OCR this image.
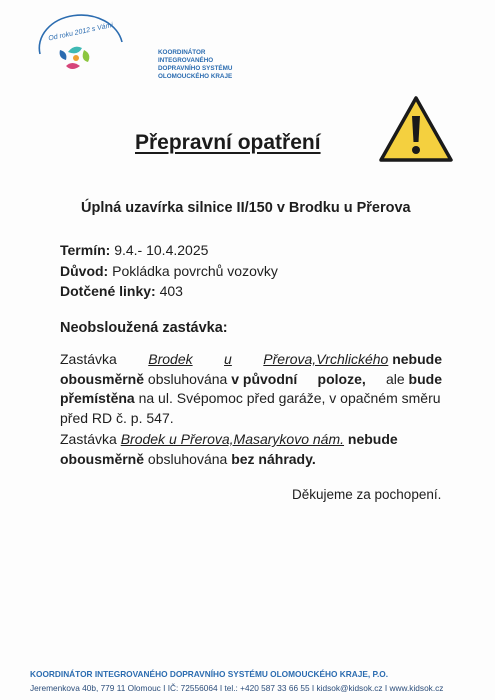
Od roku 2012 s Vámi
KOORDINÁTOR
INTEGROVANÉHO
DOPRAVNÍHO SYSTÉMU
OLOMOUCKÉHO KRAJE
Přepravní opatření
Úplná uzavírka silnice II/150 v Brodku u Přerova
Termín: 9.4.- 10.4.2025
Důvod: Pokládka povrchů vozovky
Dotčené linky: 403
Neobsloužená zastávka:
Zastávka Brodek u Přerova,Vrchlického nebude
obousměrně obsluhována v původní poloze, ale bude
přemístěna na ul. Svépomoc před garáže, v opačném směru
před RD č. p. 547.
Zastávka Brodek u Přerova,Masarykovo nám. nebude
obousměrně obsluhována bez náhrady.
Děkujeme za pochopení.
KOORDINÁTOR INTEGROVANÉHO DOPRAVNÍHO SYSTÉMU OLOMOUCKÉHO KRAJE, P.O.
Jeremenkova 40b, 779 11 Olomouc I IČ: 72556064 I tel.: +420 587 33 66 55 I kidsok@kidsok.cz I www.kidsok.cz
